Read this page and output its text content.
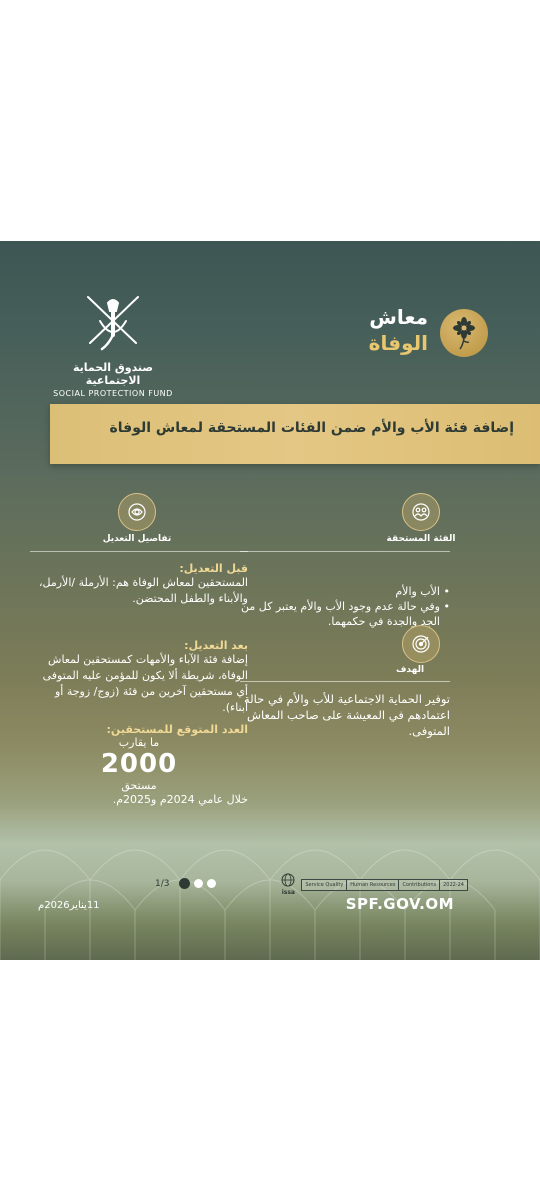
صندوق الحماية الاجتماعية
SOCIAL PROTECTION FUND
معاش
الوفاة
إضافة فئة الأب والأم ضمن الفئات المستحقة لمعاش الوفاة
الفئة المستحقة
• الأب والأم
• وفي حالة عدم وجود الأب والأم يعتبر كل من الجد والجدة في حكمهما.
الهدف
توفير الحماية الاجتماعية للأب والأم في حالة اعتمادهم في المعيشة على صاحب المعاش المتوفى.
تفاصيل التعديل
قبل التعديل:
المستحقين لمعاش الوفاة هم: الأرملة /الأرمل، والأبناء والطفل المحتضن.
بعد التعديل:
إضافة فئة الآباء والأمهات كمستحقين لمعاش الوفاة، شريطة ألا يكون للمؤمن عليه المتوفى أي مستحقين آخرين من فئة (زوج/ زوجة أو أبناء).
العدد المتوقع للمستحقين:
ما يقارب
2000
مستحق
خلال عامي 2024م و2025م.
1/3
11يناير2026م
issa
Service Quality	Human Resources	Contributions	2022-24
SPF.GOV.OM
